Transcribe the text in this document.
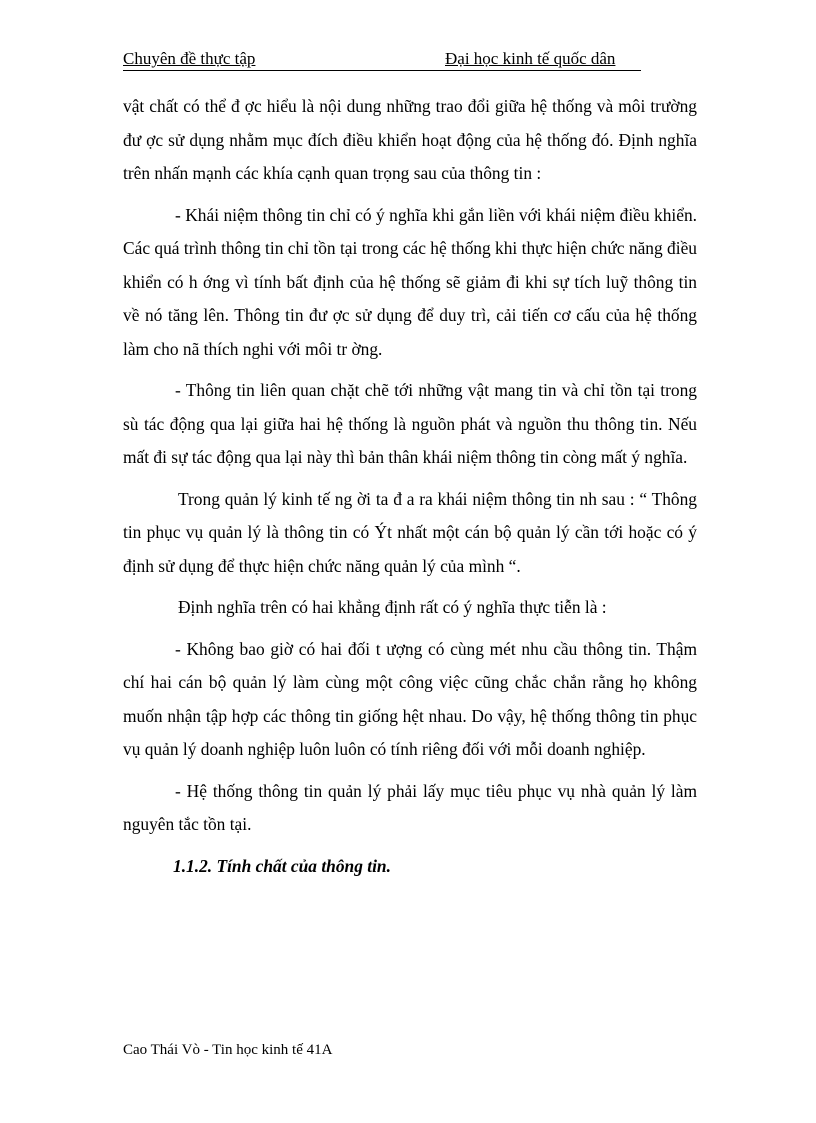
Chuyên đề thực tập	Đại học kinh tế quốc dân

vật chất có thể đ ợc hiểu là nội dung những trao đổi giữa hệ thống và môi trường đư ợc sử dụng nhằm mục đích điều khiển hoạt động của hệ thống đó. Định nghĩa trên nhấn mạnh các khía cạnh quan trọng sau của thông tin :

- Khái niệm thông tin chỉ có ý nghĩa khi gắn liền với khái niệm điều khiển. Các quá trình thông tin chỉ tồn tại trong các hệ thống khi thực hiện chức năng điều khiển có h ớng vì tính bất định của hệ thống sẽ giảm đi khi sự tích luỹ thông tin về nó tăng lên. Thông tin đư ợc sử dụng để duy trì, cải tiến cơ cấu của hệ thống làm cho nã thích nghi với môi tr ờng.

- Thông tin liên quan chặt chẽ tới những vật mang tin và chỉ tồn tại trong sù tác động qua lại giữa hai hệ thống là nguồn phát và nguồn thu thông tin. Nếu mất đi sự tác động qua lại này thì bản thân khái niệm thông tin còng mất ý nghĩa.

Trong quản lý kinh tế ng ời ta đ a ra khái niệm thông tin nh sau : “ Thông tin phục vụ quản lý là thông tin có Ýt nhất một cán bộ quản lý cần tới hoặc có ý định sử dụng để thực hiện chức năng quản lý của mình “.

Định nghĩa trên có hai khẳng định rất có ý nghĩa thực tiễn là :

- Không bao giờ có hai đối t ượng có cùng mét nhu cầu thông tin. Thậm chí hai cán bộ quản lý làm cùng một công việc cũng chắc chắn rằng họ không muốn nhận tập hợp các thông tin giống hệt nhau. Do vậy, hệ thống thông tin phục vụ quản lý doanh nghiệp luôn luôn có tính riêng đối với mỗi doanh nghiệp.

- Hệ thống thông tin quản lý phải lấy mục tiêu phục vụ nhà quản lý làm nguyên tắc tồn tại.

1.1.2. Tính chất của thông tin.

Cao Thái Vò - Tin học kinh tế 41A
